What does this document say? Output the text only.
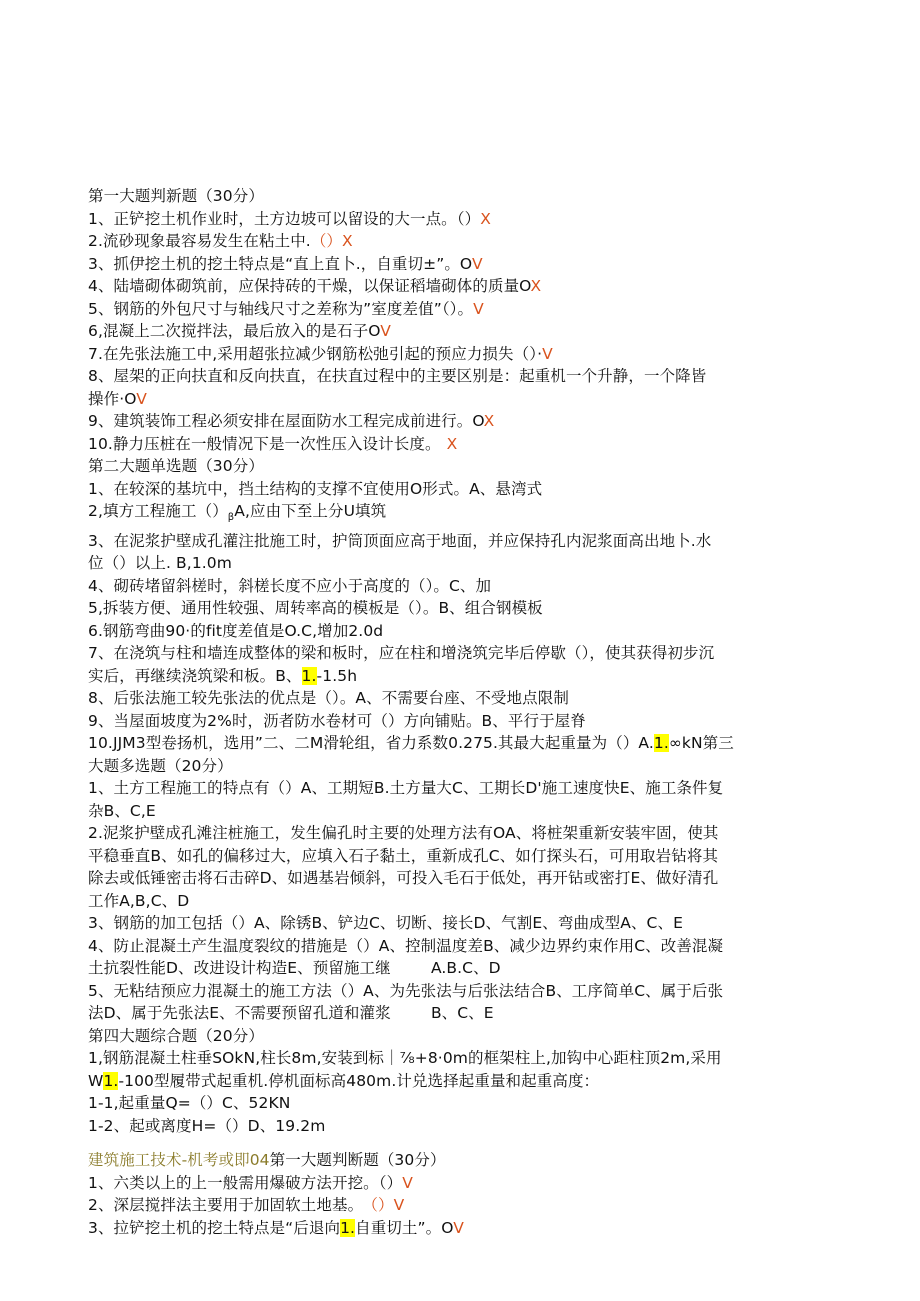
第一大题判新题（30分）
1、正铲挖土机作业时，土方边坡可以留设的大一点。（）X
2.流砂现象最容易发生在粘土中.（）X
3、抓伊挖土机的挖土特点是“直上直卜.，自重切±”。OV
4、陆墙砌体砌筑前，应保持砖的干燥，以保证稻墙砌体的质量OX
5、钢筋的外包尺寸与轴线尺寸之差称为”室度差值”（）。V
6,混凝上二次搅拌法，最后放入的是石子OV
7.在先张法施工中,采用超张拉减少钢筋松弛引起的预应力损失（）·V
8、屋架的正向扶直和反向扶直，在扶直过程中的主要区别是：起重机一个升静，一个降皆
操作·OV
9、建筑装饰工程必须安排在屋面防水工程完成前进行。OX
10.静力压桩在一般情况下是一次性压入设计长度。 X
第二大题单选题（30分）
1、在较深的基坑中，挡土结构的支撑不宜使用O形式。A、悬湾式
2,填方工程施工$()_\beta A$,应由下至上分U填筑
3、在泥浆护壁成孔灌注批施工时，护筒顶面应高于地面，并应保持孔内泥浆面高出地卜.水
位（）以上. B,1.0m
4、砌砖堵留斜槎时，斜槎长度不应小于高度的（）。C、加
5,拆装方便、通用性较强、周转率高的模板是（）。B、组合钢模板
6.钢筋弯曲90·的fit度差值是O.C,增加2.0d
7、在浇筑与柱和墙连成整体的梁和板时，应在柱和增浇筑完毕后停歇（），使其获得初步沉
实后，再继续浇筑梁和板。B、1.-1.5h
8、后张法施工较先张法的优点是（）。A、不需要台座、不受地点限制
9、当屋面坡度为2%时，沥者防水卷材可（）方向铺贴。B、平行于屋脊
10.JJM3型卷扬机，选用”二、二M滑轮组，省力系数0.275.其最大起重量为（）A.1.∞kN第三
大题多选题（20分）
1、土方工程施工的特点有（）A、工期短B.土方量大C、工期长D'施工速度快E、施工条件复
杂B、C,E
2.泥浆护壁成孔滩注桩施工，发生偏孔时主要的处理方法有OA、将桩架重新安装牢固，使其
平稳垂直B、如孔的偏移过大，应填入石子黏土，重新成孔C、如仃探头石，可用取岩钻将其
除去或低锤密击将石击碎D、如遇基岩倾斜，可投入毛石于低处，再开钻或密打E、做好清孔
工作A,B,C、D
3、钢筋的加工包括（）A、除锈B、铲边C、切断、接长D、气割E、弯曲成型A、C、E
4、防止混凝土产生温度裂纹的措施是（）A、控制温度差B、减少边界约束作用C、改善混凝
土抗裂性能D、改进设计构造E、预留施工继        A.B.C、D
5、无粘结预应力混凝土的施工方法（）A、为先张法与后张法结合B、工序简单C、属于后张
法D、属于先张法E、不需要预留孔道和灌浆        B、C、E
第四大题综合题（20分）
1,钢筋混凝土柱垂SOkN,柱长8m,安装到标｜⅞+8·0m的框架柱上,加钩中心距柱顶2m,采用
W1.-100型履带式起重机.停机面标高480m.计兑选择起重量和起重高度：
1-1,起重量Q=（）C、52KN
1-2、起或离度H=（）D、19.2m
建筑施工技术-机考或即04第一大题判断题（30分）
1、六类以上的上一般需用爆破方法开挖。（）V
2、深层搅拌法主要用于加固软土地基。 （）V
3、拉铲挖土机的挖土特点是“后退向1.自重切土”。OV
